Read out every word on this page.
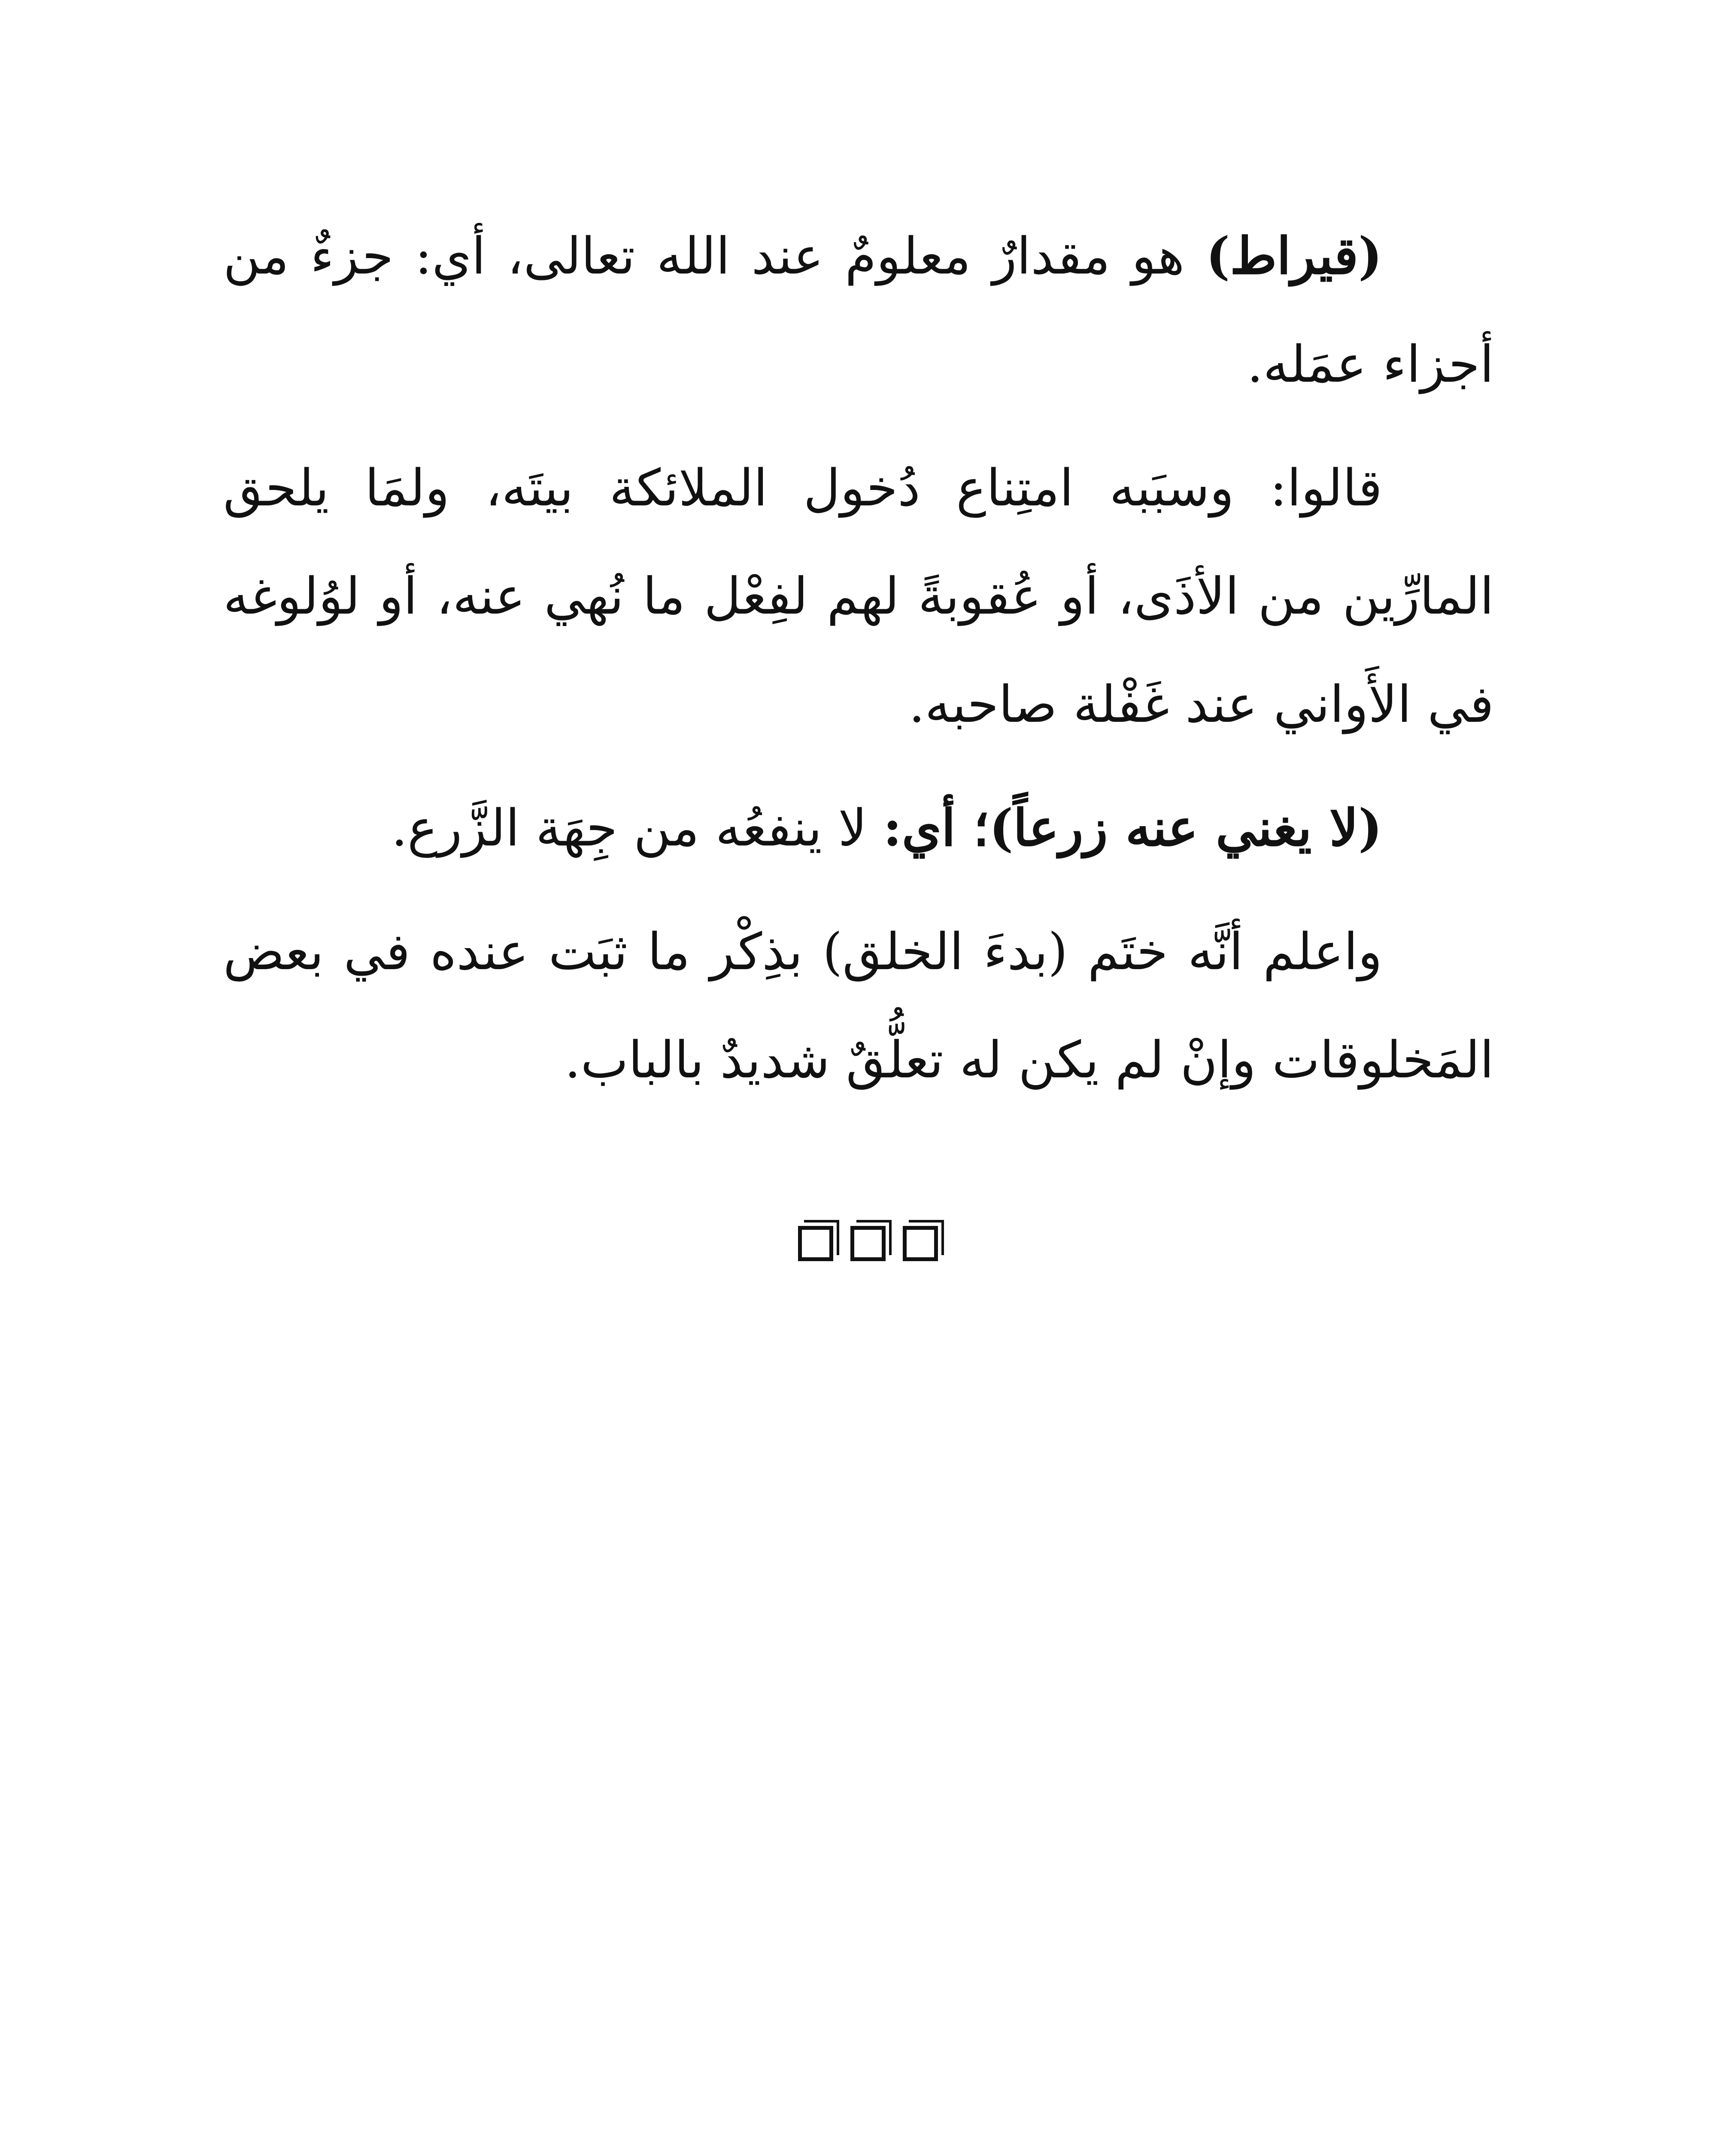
(قيراط) هو مقدارٌ معلومٌ عند الله تعالى، أي: جزءٌ من أجزاء عمَله.

قالوا: وسبَبه امتِناع دُخول الملائكة بيتَه، ولمَا يلحق المارِّين من الأذَى، أو عُقوبةً لهم لفِعْل ما نُهي عنه، أو لوُلوغه في الأَواني عند غَفْلة صاحبه.

(لا يغني عنه زرعاً)؛ أي: لا ينفعُه من جِهَة الزَّرع.

واعلم أنَّه ختَم (بدءَ الخلق) بذِكْر ما ثبَت عنده في بعض المَخلوقات وإنْ لم يكن له تعلُّقٌ شديدٌ بالباب.
